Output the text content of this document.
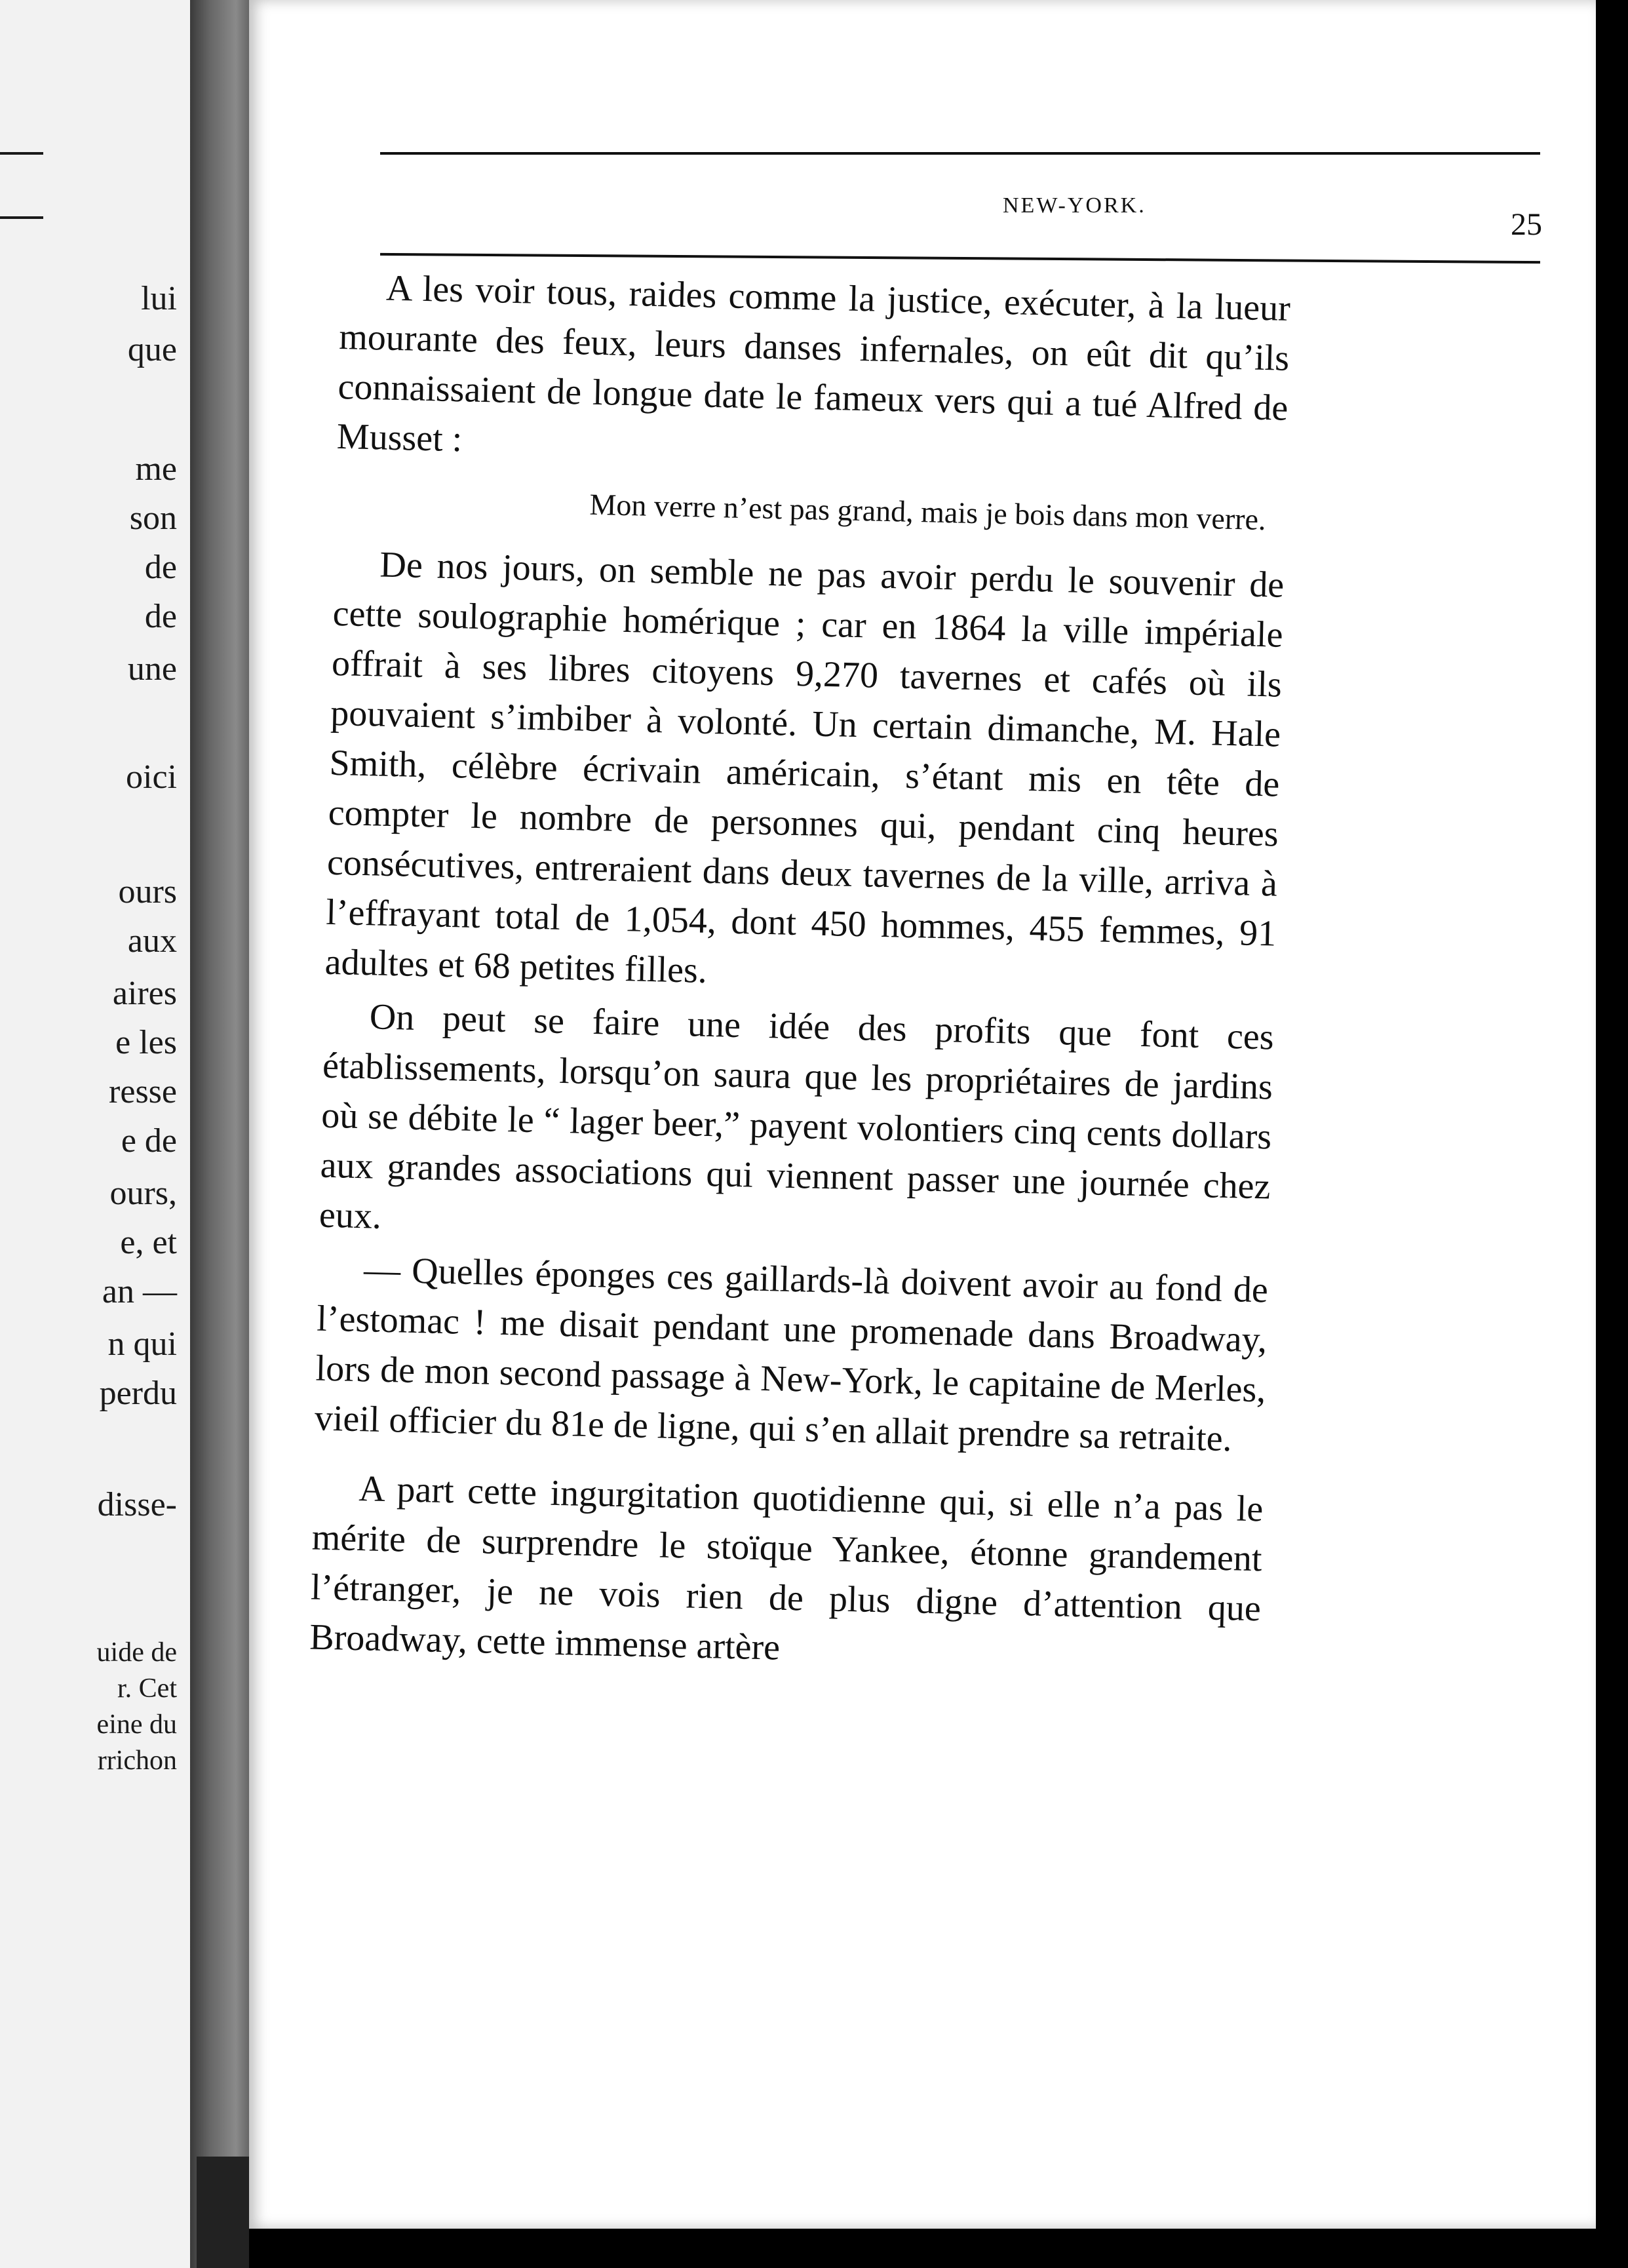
lui

que

me

son

de

de

une

oici

ours

aux

aires

e les

resse

e de

ours,

e, et

an —

n qui

perdu

disse-

uide de

r. Cet

eine du

rrichon

NEW-YORK.

25

A les voir tous, raides comme la justice, exécuter, à la lueur mourante des feux, leurs danses infernales, on eût dit qu’ils connaissaient de longue date le fameux vers qui a tué Alfred de Musset :

Mon verre n’est pas grand, mais je bois dans mon verre.

De nos jours, on semble ne pas avoir perdu le souvenir de cette soulographie homérique ; car en 1864 la ville impériale offrait à ses libres citoyens 9,270 tavernes et cafés où ils pouvaient s’imbiber à volonté. Un certain dimanche, M. Hale Smith, célèbre écrivain américain, s’étant mis en tête de compter le nombre de personnes qui, pendant cinq heures consécutives, entreraient dans deux tavernes de la ville, arriva à l’effrayant total de 1,054, dont 450 hommes, 455 femmes, 91 adultes et 68 petites filles.

On peut se faire une idée des profits que font ces établissements, lorsqu’on saura que les propriétaires de jardins où se débite le “ lager beer,” payent volontiers cinq cents dollars aux grandes associations qui viennent passer une journée chez eux.

— Quelles éponges ces gaillards-là doivent avoir au fond de l’estomac ! me disait pendant une promenade dans Broadway, lors de mon second passage à New-York, le capitaine de Merles, vieil officier du 81e de ligne, qui s’en allait prendre sa retraite.

A part cette ingurgitation quotidienne qui, si elle n’a pas le mérite de surprendre le stoïque Yankee, étonne grandement l’étranger, je ne vois rien de plus digne d’attention que Broadway, cette immense artère
